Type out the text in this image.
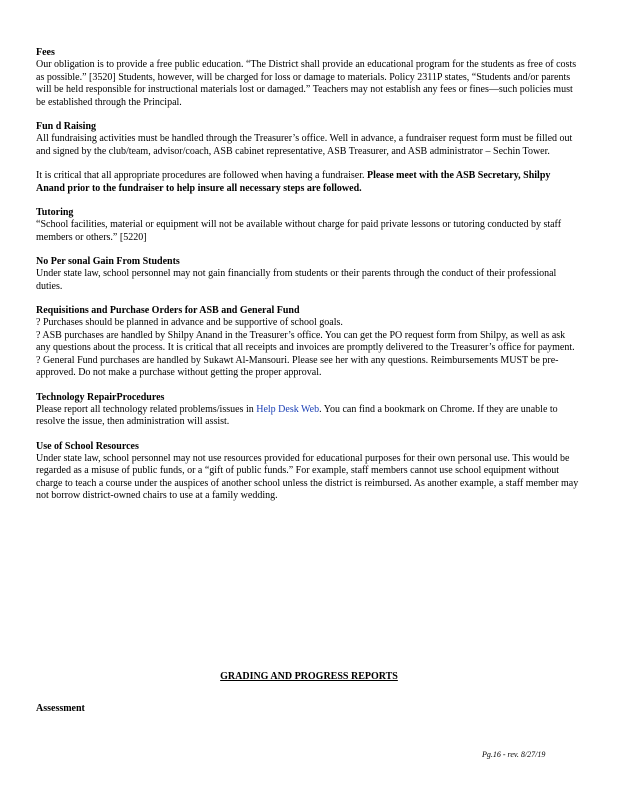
Fees

Our obligation is to provide a free public education. “The District shall provide an educational program for the students as free of costs as possible.” [3520] Students, however, will be charged for loss or damage to materials. Policy 2311P states, “Students and/or parents will be held responsible for instructional materials lost or damaged.” Teachers may not establish any fees or fines—such policies must be established through the Principal.

Fun d Raising

All fundraising activities must be handled through the Treasurer’s office. Well in advance, a fundraiser request form must be filled out and signed by the club/team, advisor/coach, ASB cabinet representative, ASB Treasurer, and ASB administrator – Sechin Tower.

It is critical that all appropriate procedures are followed when having a fundraiser. Please meet with the ASB Secretary, Shilpy Anand prior to the fundraiser to help insure all necessary steps are followed.

Tutoring

“School facilities, material or equipment will not be available without charge for paid private lessons or tutoring conducted by staff members or others.” [5220]

No Per sonal Gain From Students

Under state law, school personnel may not gain financially from students or their parents through the conduct of their professional duties.

Requisitions and Purchase Orders for ASB and General Fund

? Purchases should be planned in advance and be supportive of school goals.

? ASB purchases are handled by Shilpy Anand in the Treasurer’s office. You can get the PO request form from Shilpy, as well as ask any questions about the process. It is critical that all receipts and invoices are promptly delivered to the Treasurer’s office for payment.

? General Fund purchases are handled by Sukawt Al-Mansouri. Please see her with any questions. Reimbursements MUST be pre-approved. Do not make a purchase without getting the proper approval.

Technology RepairProcedures

Please report all technology related problems/issues in Help Desk Web. You can find a bookmark on Chrome. If they are unable to resolve the issue, then administration will assist.

Use of School Resources

Under state law, school personnel may not use resources provided for educational purposes for their own personal use. This would be regarded as a misuse of public funds, or a “gift of public funds.” For example, staff members cannot use school equipment without charge to teach a course under the auspices of another school unless the district is reimbursed. As another example, a staff member may not borrow district-owned chairs to use at a family wedding.

GRADING AND PROGRESS REPORTS
Assessment
Pg.16 - rev. 8/27/19
